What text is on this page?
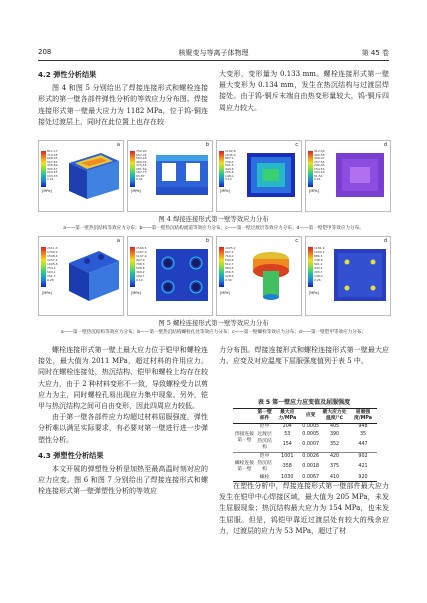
208	核聚变与等离子体物理	第 45 卷
4.2 弹性分析结果

图 4 和图 5 分别给出了焊接连接形式和螺栓连接形式的第一壁各部件弹性分析的等效应力分布图。焊接连接形式第一壁最大应力为 1182 MPa，位于钨-铜连接处过渡层上，同时在此位置上也存在较

大变形，变形量为 0.133 mm。螺栓连接形式第一壁最大变形为 0.134 mm，发生在热沉结构与过渡层焊接处。由于钨-铜斥末端自由热变形量较大，钨-铜斥四周应力较大。

811.17
710.05
608.93
507.81
406.69
305.57
204.45
103.33
2.21
[MPa]
a
750.90
657.04
563.18
469.32
375.45
281.59
187.73
93.87
0.01
[MPa]
b
1182.8
1035.0
887.1
739.3
591.5
443.6
295.8
148.0
0.14
[MPa]
c
412.09
360.58
309.07
257.56
206.05
154.54
103.03
51.52
0.01
[MPa]
d
图 4 焊接连接形式第一壁等效应力分布
a——第一壁热沉结构等效应力分布；b——第一壁热沉结构流道等效应力分布；c——第一壁过渡层等效应力分布；d——第一壁铠甲等效应力分布。
2011.3
1760.0
1508.6
1257.2
1005.8
754.4
503.1
251.7
0.28
[MPa]
a
1596.5
1397.0
1197.4
997.9
798.3
598.8
399.2
199.7
0.10
[MPa]
b
1025.2
897.1
769.0
640.8
512.7
384.6
256.5
128.4
0.30
[MPa]
c
1181.9
1034.2
886.5
738.8
591.1
443.4
295.7
148.0
0.26
[MPa]
d
图 5 螺栓连接形式第一壁等效应力分布
a——第一壁热沉结构等效应力分布；b——第一壁热沉结构螺栓孔处等效应力分布；c——第一壁螺栓等效应力分布；d——第一壁铠甲等效应力分布。

螺栓连接形式第一壁上最大应力位于铠甲和螺栓连接处，最大值为 2011 MPa，超过材料的许用应力。同时在螺栓连接处，热沉结构、铠甲和螺栓上均存在较大应力，由于 2 种材料变形不一致，导致螺栓受力以剪应力为主，同时螺栓孔易出现应力集中现象。另外，铠甲与热沉结构之间可自由变形，因此四周应力较低。

由于第一壁各部件应力均超过材料屈服强度，弹性分析难以满足实际要求，有必要对第一壁进行进一步弹塑性分析。

4.3 弹塑性分析结果

本文开展的弹塑性分析是加热至最高温时刻对应的应力应变。图 6 和图 7 分别给出了焊接连接形式和螺栓连接形式第一壁弹塑性分析的等效应

力分布图。焊接连接形式和螺栓连接形式第一壁最大应力、应变及对应温度下屈服强度值列于表 5 中。

表 5 第一壁应力应变值及屈服强度
	第一壁部件	最大应力/MPa	应变	最大应力处温度/℃	屈服强度/MPa
焊接连接第一壁	铠甲	204	0.0005	405	948
	过渡层	53	0.0005	390	35
	热沉结构	154	0.0007	352	447
螺栓连接第一壁	铠甲	1001	0.0026	420	902
	热沉结构	358	0.0018	375	421
	螺栓	1030	0.0067	410	920

在塑性分析中，焊接连接形式第一壁部件最大应力发生在铠甲中心焊接区域，最大值为 205 MPa，未发生屈服现象；热沉结构最大应力为 154 MPa，也未发生屈服。但是，钨铠甲靠近过渡层处有较大的残余应力，过渡层的应力为 53 MPa，超过了材
